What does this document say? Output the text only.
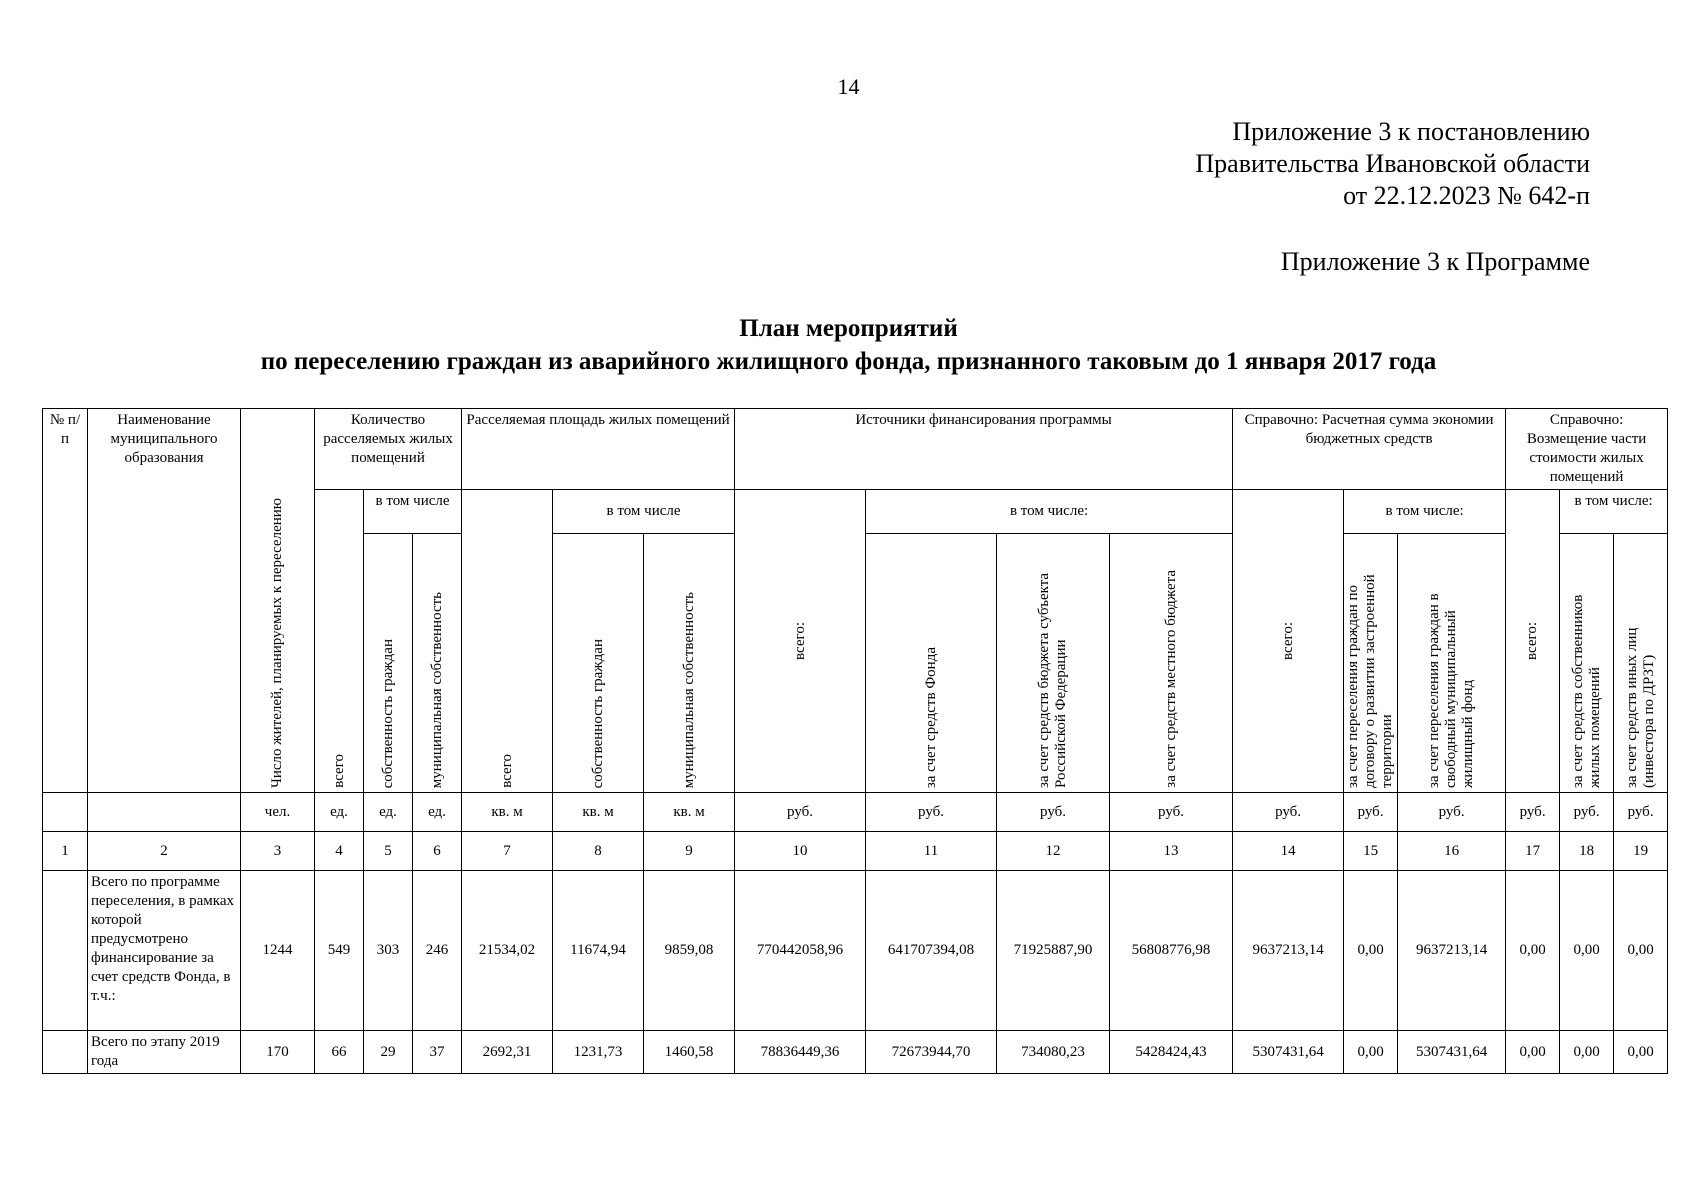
14
Приложение 3 к постановлению
Правительства Ивановской области
от 22.12.2023 № 642-п
Приложение 3 к Программе
План мероприятий
по переселению граждан из аварийного жилищного фонда, признанного таковым до 1 января 2017 года
№ п/п	Наименование муниципального образования	Число жителей, планируемых к переселению	Количество расселяемых жилых помещений			Расселяемая площадь жилых помещений			Источники финансирования программы				Справочно: Расчетная сумма экономии бюджетных средств			Справочно: Возмещение части стоимости жилых помещений		

			всего	в том числе		всего	в том числе		всего:	в том числе:			всего:	в том числе:		всего:	в том числе:	

				собственность граждан	муниципальная собственность		собственность граждан	муниципальная собственность		за счет средств Фонда	за счет средств бюджета субъекта Российской Федерации	за счет средств местного бюджета		за счет переселения граждан по договору о развитии застроенной территории	за счет переселения граждан в свободный муниципальный жилищный фонд		за счет средств собственников жилых помещений	за счет средств иных лиц (инвестора по ДРЗТ)

		чел.	ед.	ед.	ед.	кв. м	кв. м	кв. м	руб.	руб.	руб.	руб.	руб.	руб.	руб.	руб.	руб.	руб.
1	2	3	4	5	6	7	8	9	10	11	12	13	14	15	16	17	18	19
	Всего по программе переселения, в рамках которой предусмотрено финансирование за счет средств Фонда, в т.ч.:	1244	549	303	246	21534,02	11674,94	9859,08	770442058,96	641707394,08	71925887,90	56808776,98	9637213,14	0,00	9637213,14	0,00	0,00	0,00
	Всего по этапу 2019 года	170	66	29	37	2692,31	1231,73	1460,58	78836449,36	72673944,70	734080,23	5428424,43	5307431,64	0,00	5307431,64	0,00	0,00	0,00
